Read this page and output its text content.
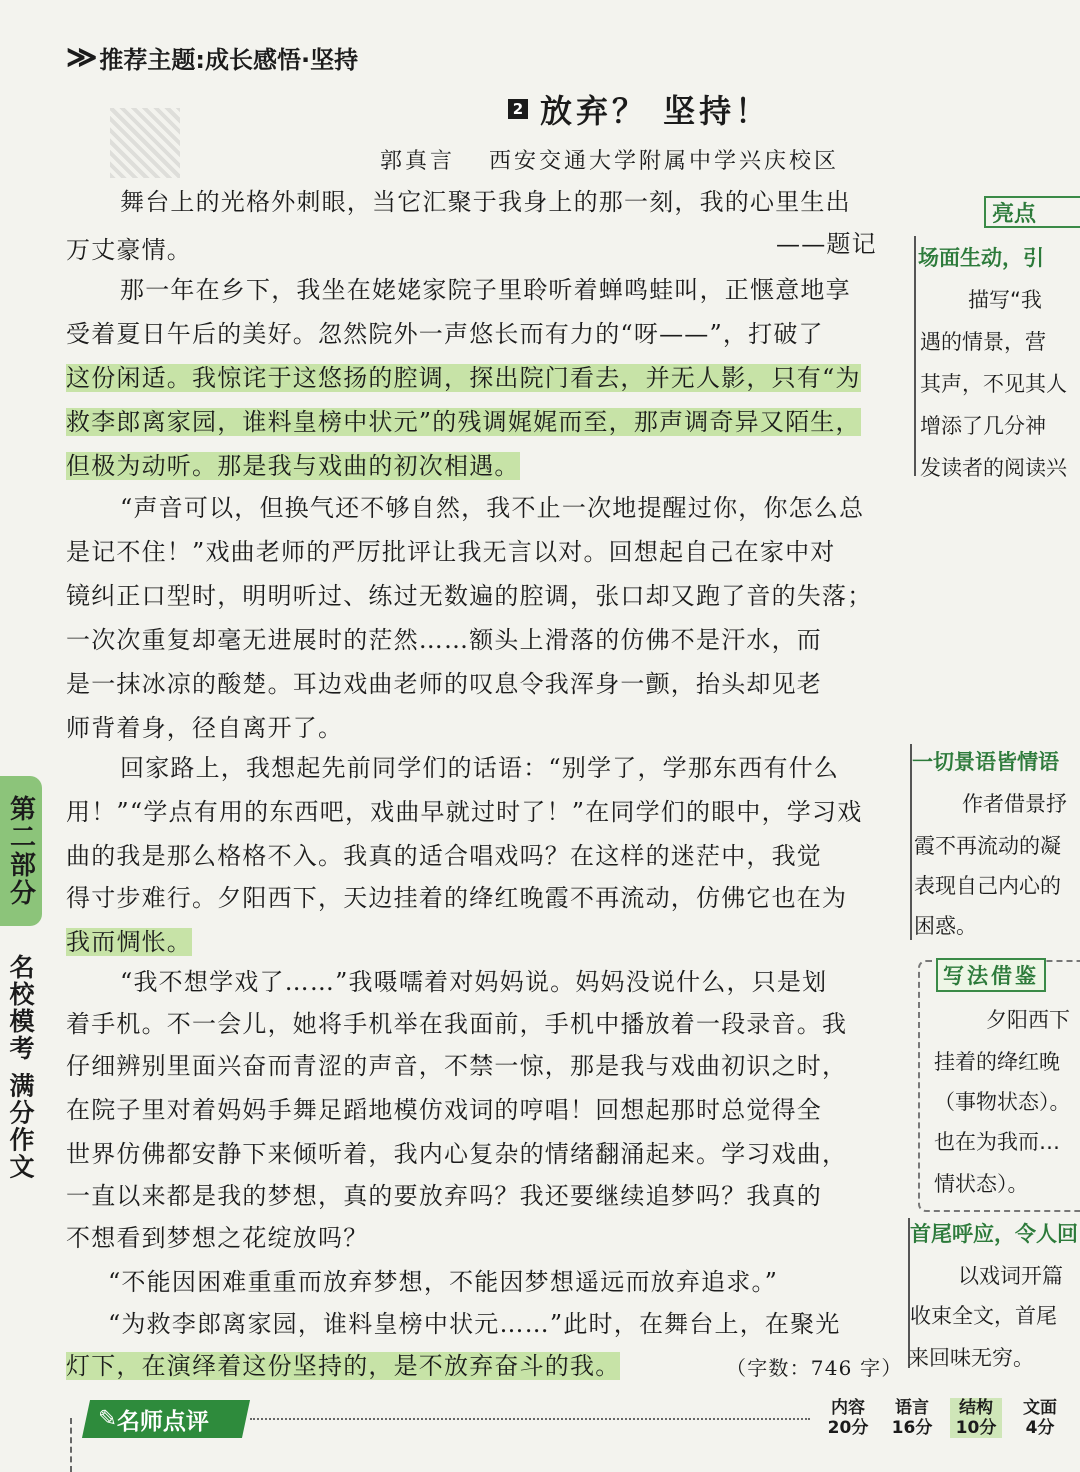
≫ 推荐主题:成长感悟·坚持
2 放弃？ 坚持！
郭真言 西安交通大学附属中学兴庆校区
舞台上的光格外刺眼，当它汇聚于我身上的那一刻，我的心里生出
万丈豪情。	——题记
那一年在乡下，我坐在姥姥家院子里聆听着蝉鸣蛙叫，正惬意地享
受着夏日午后的美好。忽然院外一声悠长而有力的“呀——”，打破了
这份闲适。我惊诧于这悠扬的腔调，探出院门看去，并无人影，只有“为
救李郎离家园，谁料皇榜中状元”的残调娓娓而至，那声调奇异又陌生，
但极为动听。那是我与戏曲的初次相遇。
“声音可以，但换气还不够自然，我不止一次地提醒过你，你怎么总
是记不住！”戏曲老师的严厉批评让我无言以对。回想起自己在家中对
镜纠正口型时，明明听过、练过无数遍的腔调，张口却又跑了音的失落；
一次次重复却毫无进展时的茫然……额头上滑落的仿佛不是汗水，而
是一抹冰凉的酸楚。耳边戏曲老师的叹息令我浑身一颤，抬头却见老
师背着身，径自离开了。
回家路上，我想起先前同学们的话语：“别学了，学那东西有什么
用！”“学点有用的东西吧，戏曲早就过时了！”在同学们的眼中，学习戏
曲的我是那么格格不入。我真的适合唱戏吗？在这样的迷茫中，我觉
得寸步难行。夕阳西下，天边挂着的绛红晚霞不再流动，仿佛它也在为
我而惆怅。
“我不想学戏了……”我嗫嚅着对妈妈说。妈妈没说什么，只是划
着手机。不一会儿，她将手机举在我面前，手机中播放着一段录音。我
仔细辨别里面兴奋而青涩的声音，不禁一惊，那是我与戏曲初识之时，
在院子里对着妈妈手舞足蹈地模仿戏词的哼唱！回想起那时总觉得全
世界仿佛都安静下来倾听着，我内心复杂的情绪翻涌起来。学习戏曲，
一直以来都是我的梦想，真的要放弃吗？我还要继续追梦吗？我真的
不想看到梦想之花绽放吗？
“不能因困难重重而放弃梦想，不能因梦想遥远而放弃追求。”
“为救李郎离家园，谁料皇榜中状元……”此时，在舞台上，在聚光
灯下，在演绎着这份坚持的，是不放弃奋斗的我。	（字数：746 字）
亮点
场面生动，引
描写“我
遇的情景，营
其声，不见其人
增添了几分神
发读者的阅读兴
一切景语皆情语
作者借景抒
霞不再流动的凝
表现自己内心的
困惑。
写法借鉴
夕阳西下
挂着的绛红晚
（事物状态）。
也在为我而…
情状态）。
首尾呼应，令人回
以戏词开篇
收束全文，首尾
来回味无穷。
第二部分
名校模考 满分作文
✎ 名师点评
内容
20分
语言
16分
结构
10分
文面
4分
